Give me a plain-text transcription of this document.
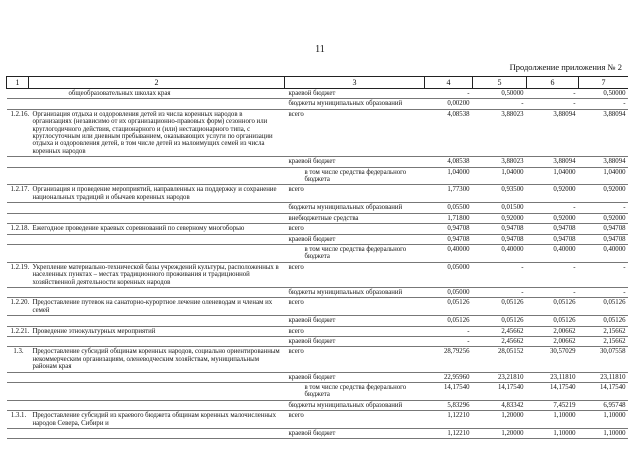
11
Продолжение приложения № 2
1	2	3	4	5	6	7
	общеобразовательных школах края	краевой бюджет	-	0,50000	-	0,50000
		бюджеты муниципальных образований	0,00200	-	-	-
1.2.16.	Организация отдыха и оздоровления детей из числа коренных народов в организациях (независимо от их организационно-правовых форм) сезонного или круглогодичного действия, стационарного и (или) нестационарного типа, с круглосуточным или дневным пребыванием, оказывающих услуги по организации отдыха и оздоровления детей, в том числе детей из малоимущих семей из числа коренных народов	всего	4,08538	3,88023	3,88094	3,88094
		краевой бюджет	4,08538	3,88023	3,88094	3,88094
		в том числе средства федерального бюджета	1,04000	1,04000	1,04000	1,04000
1.2.17.	Организация и проведение мероприятий, направленных на поддержку и сохранение национальных традиций и обычаев коренных народов	всего	1,77300	0,93500	0,92000	0,92000
		бюджеты муниципальных образований	0,05500	0,01500	-	-
		внебюджетные средства	1,71800	0,92000	0,92000	0,92000
1.2.18.	Ежегодное проведение краевых соревнований по северному многоборью	всего	0,94708	0,94708	0,94708	0,94708
		краевой бюджет	0,94708	0,94708	0,94708	0,94708
		в том числе средства федерального бюджета	0,40000	0,40000	0,40000	0,40000
1.2.19.	Укрепление материально-технической базы учреждений культуры, расположенных в населенных пунктах – местах традиционного проживания и традиционной хозяйственной деятельности коренных народов	всего	0,05000	-	-	-
		бюджеты муниципальных образований	0,05000	-	-	-
1.2.20.	Предоставление путевок на санаторно-курортное лечение оленеводам и членам их семей	всего	0,05126	0,05126	0,05126	0,05126
		краевой бюджет	0,05126	0,05126	0,05126	0,05126
1.2.21.	Проведение этнокультурных мероприятий	всего	-	2,45662	2,00662	2,15662
		краевой бюджет	-	2,45662	2,00662	2,15662
1.3.	Предоставление субсидий общинам коренных народов, социально ориентированным некоммерческим организациям, оленеводческим хозяйствам, муниципальным районам края	всего	28,79256	28,05152	30,57029	30,07558
		краевой бюджет	22,95960	23,21810	23,11810	23,11810
		в том числе средства федерального бюджета	14,17540	14,17540	14,17540	14,17540
		бюджеты муниципальных образований	5,83296	4,83342	7,45219	6,95748
1.3.1.	Предоставление субсидий из краевого бюджета общинам коренных малочисленных народов Севера, Сибири и	всего	1,12210	1,20000	1,10000	1,10000
		краевой бюджет	1,12210	1,20000	1,10000	1,10000
